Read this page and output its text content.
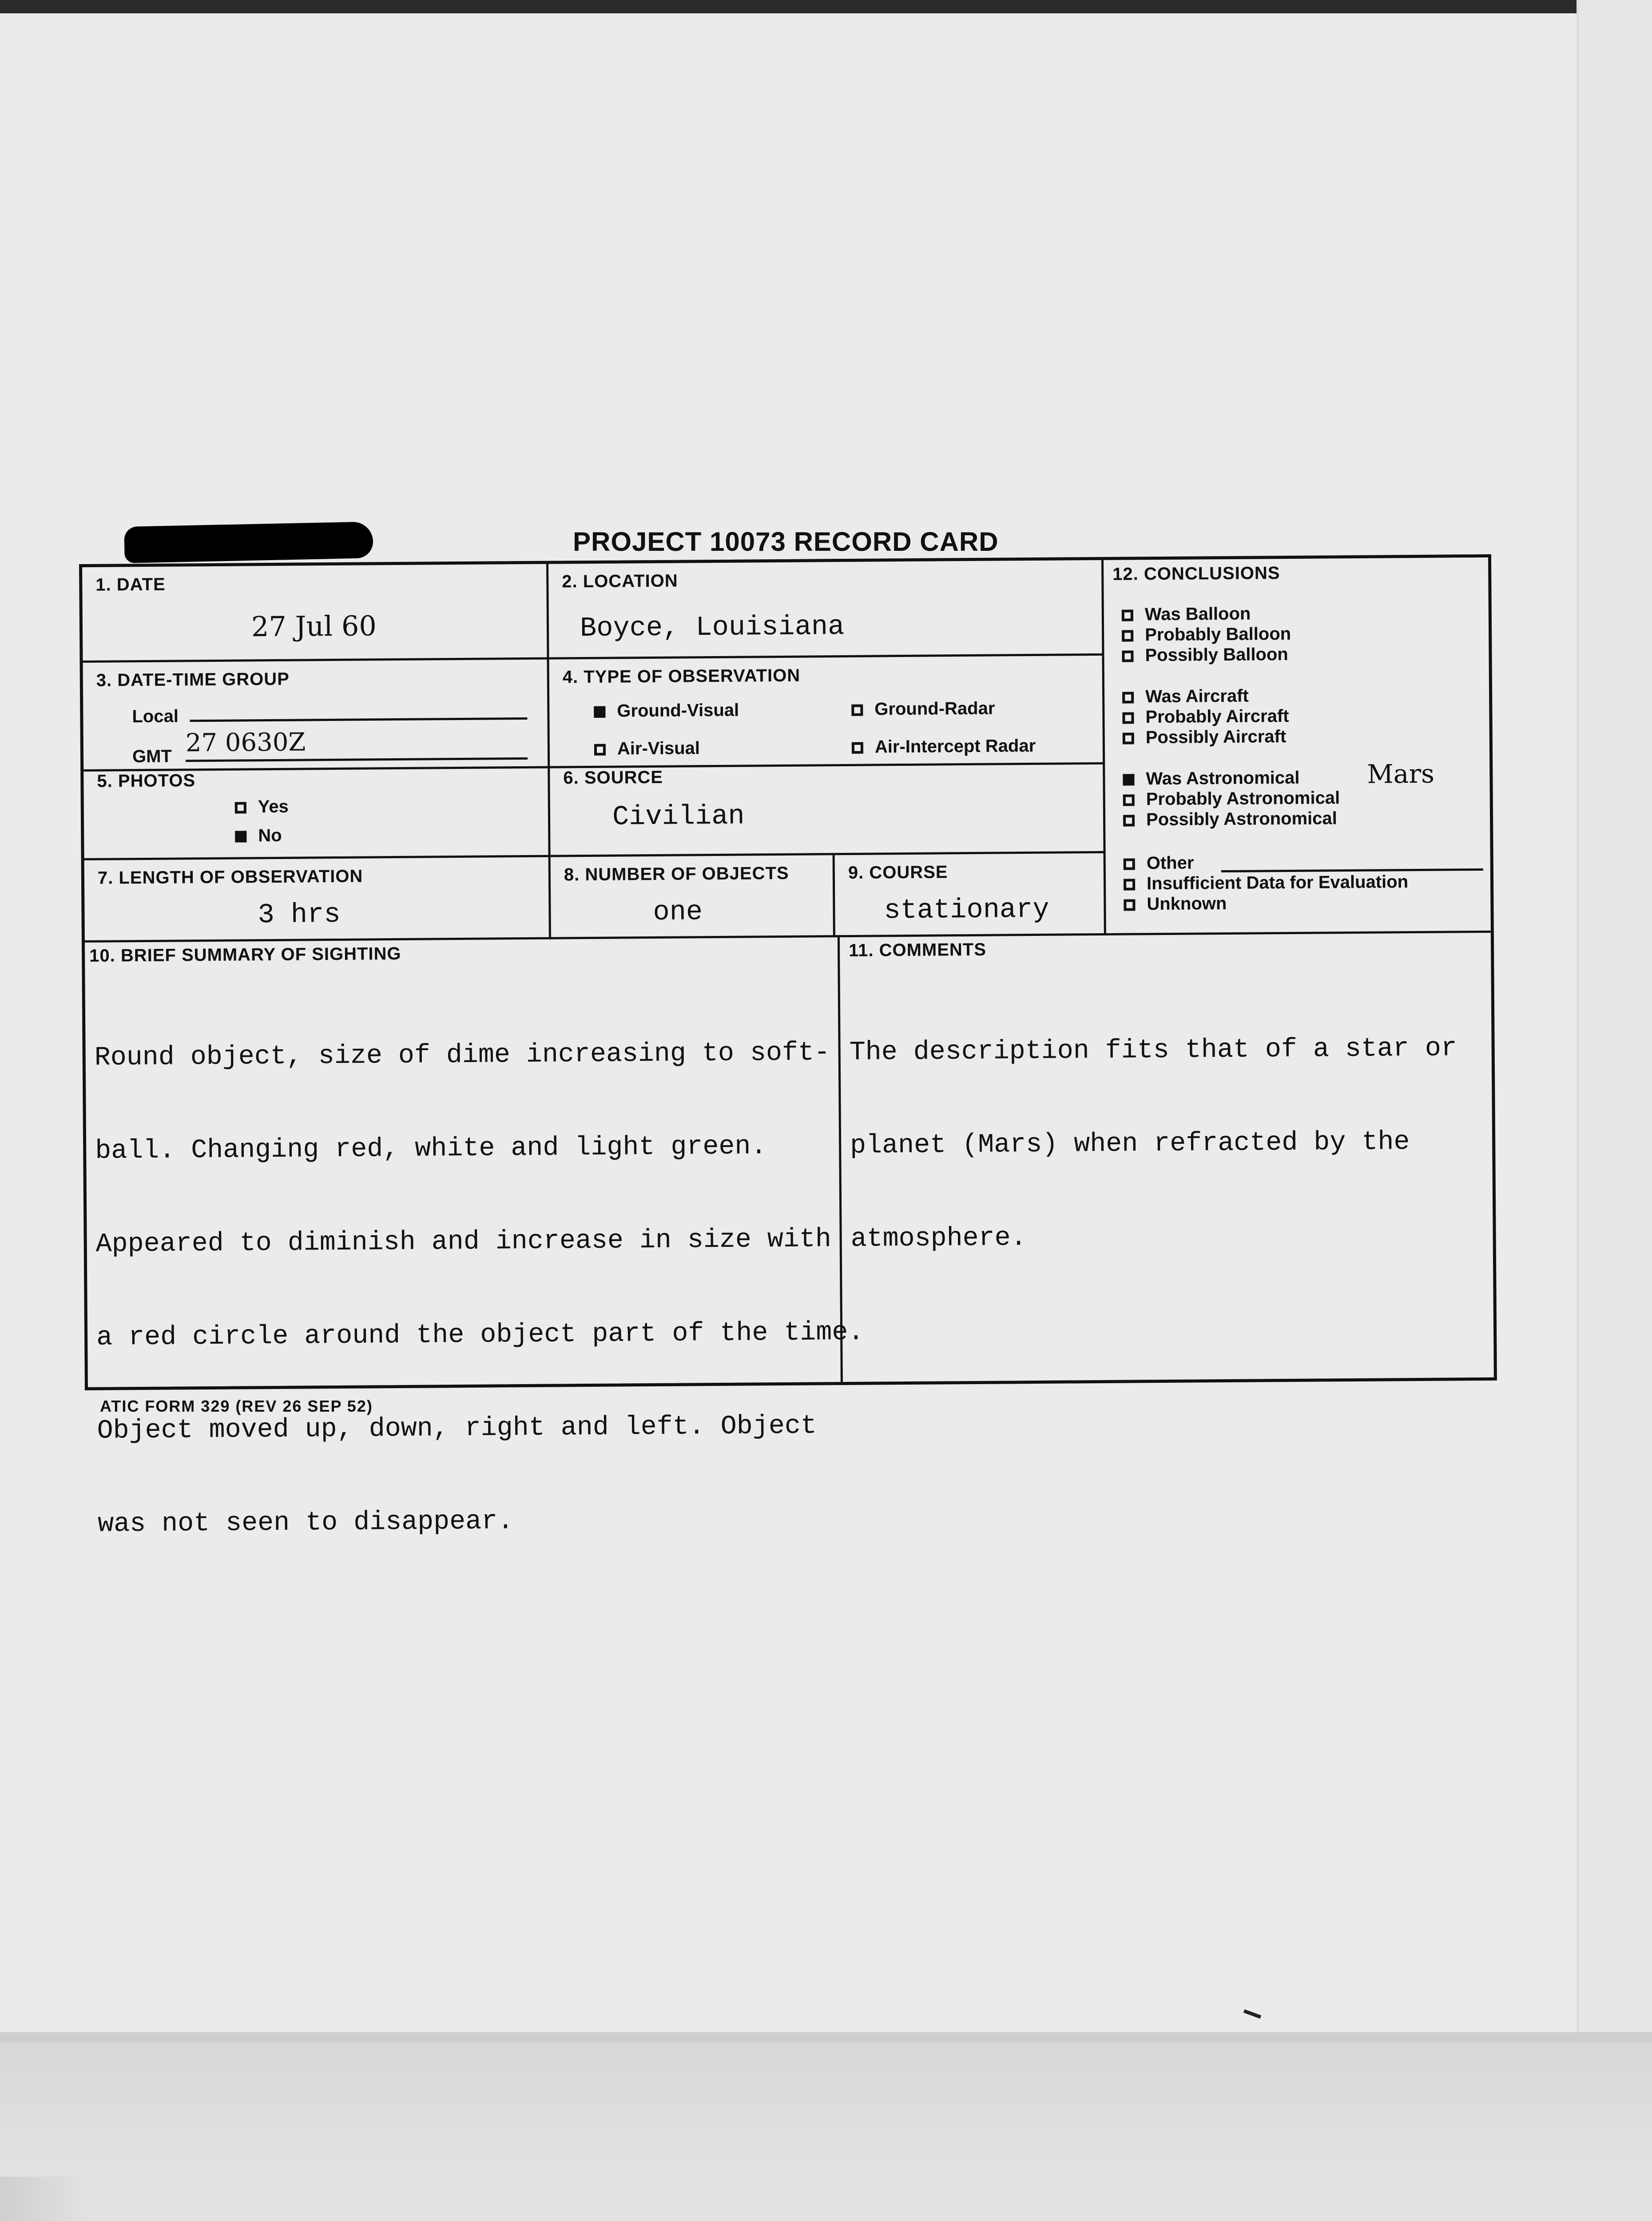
PROJECT 10073 RECORD CARD
1. DATE
27 Jul 60
2. LOCATION
Boyce, Louisiana
3. DATE-TIME GROUP
Local
GMT 27 0630Z
4. TYPE OF OBSERVATION
Ground-Visual	Ground-Radar
Air-Visual	Air-Intercept Radar
5. PHOTOS
Yes
No
6. SOURCE
Civilian
7. LENGTH OF OBSERVATION
3 hrs
8. NUMBER OF OBJECTS
one
9. COURSE
stationary
12. CONCLUSIONS
Was Balloon
Probably Balloon
Possibly Balloon
Was Aircraft
Probably Aircraft
Possibly Aircraft
Was Astronomical	Mars
Probably Astronomical
Possibly Astronomical
Other
Insufficient Data for Evaluation
Unknown
10. BRIEF SUMMARY OF SIGHTING

Round object, size of dime increasing to soft-

ball. Changing red, white and light green.

Appeared to diminish and increase in size with

a red circle around the object part of the time.

Object moved up, down, right and left. Object

was not seen to disappear.

11. COMMENTS

The description fits that of a star or

planet (Mars) when refracted by the

atmosphere.

ATIC FORM 329 (REV 26 SEP 52)
